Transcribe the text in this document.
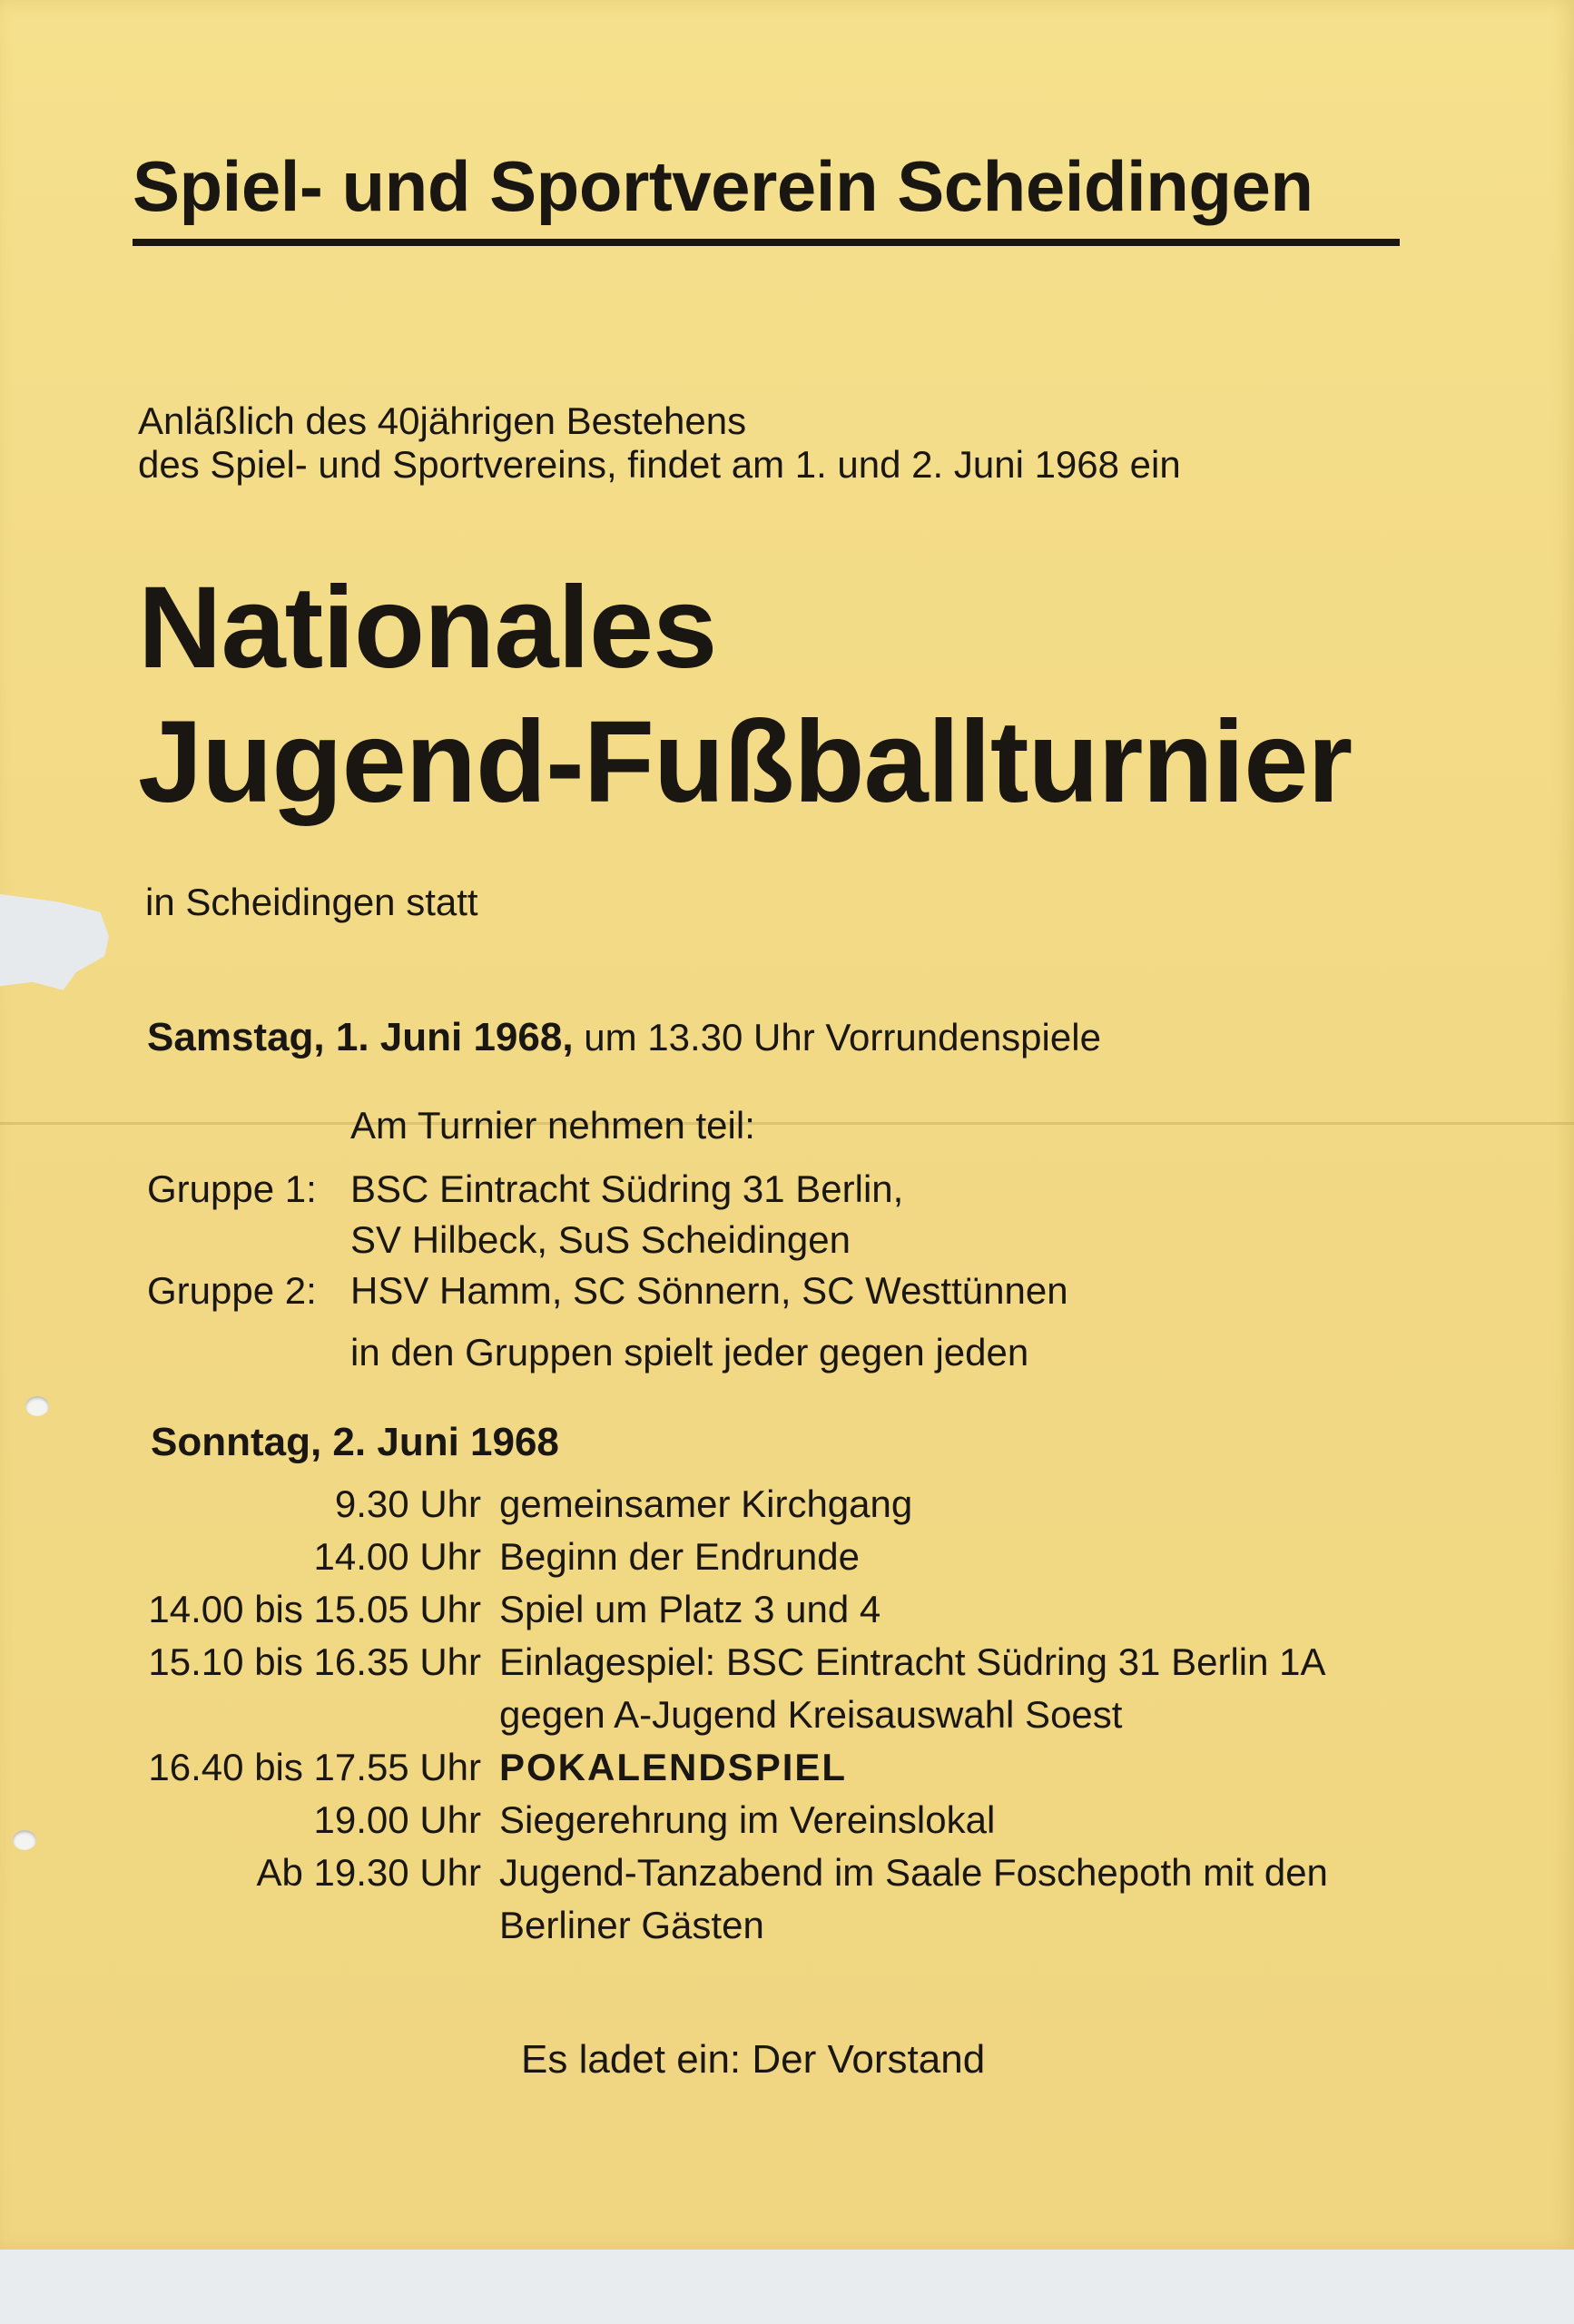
Spiel- und Sportverein Scheidingen
Anläßlich des 40jährigen Bestehens
des Spiel- und Sportvereins, findet am 1. und 2. Juni 1968 ein
Nationales
Jugend-Fußballturnier
in Scheidingen statt
Samstag, 1. Juni 1968, um 13.30 Uhr Vorrundenspiele
Am Turnier nehmen teil:
Gruppe 1: BSC Eintracht Südring 31 Berlin,
SV Hilbeck, SuS Scheidingen
Gruppe 2: HSV Hamm, SC Sönnern, SC Westtünnen
in den Gruppen spielt jeder gegen jeden
Sonntag, 2. Juni 1968
9.30 Uhr gemeinsamer Kirchgang
14.00 Uhr Beginn der Endrunde
14.00 bis 15.05 Uhr Spiel um Platz 3 und 4
15.10 bis 16.35 Uhr Einlagespiel: BSC Eintracht Südring 31 Berlin 1A
gegen A-Jugend Kreisauswahl Soest
16.40 bis 17.55 Uhr POKALENDSPIEL
19.00 Uhr Siegerehrung im Vereinslokal
Ab 19.30 Uhr Jugend-Tanzabend im Saale Foschepoth mit den
Berliner Gästen
Es ladet ein: Der Vorstand
